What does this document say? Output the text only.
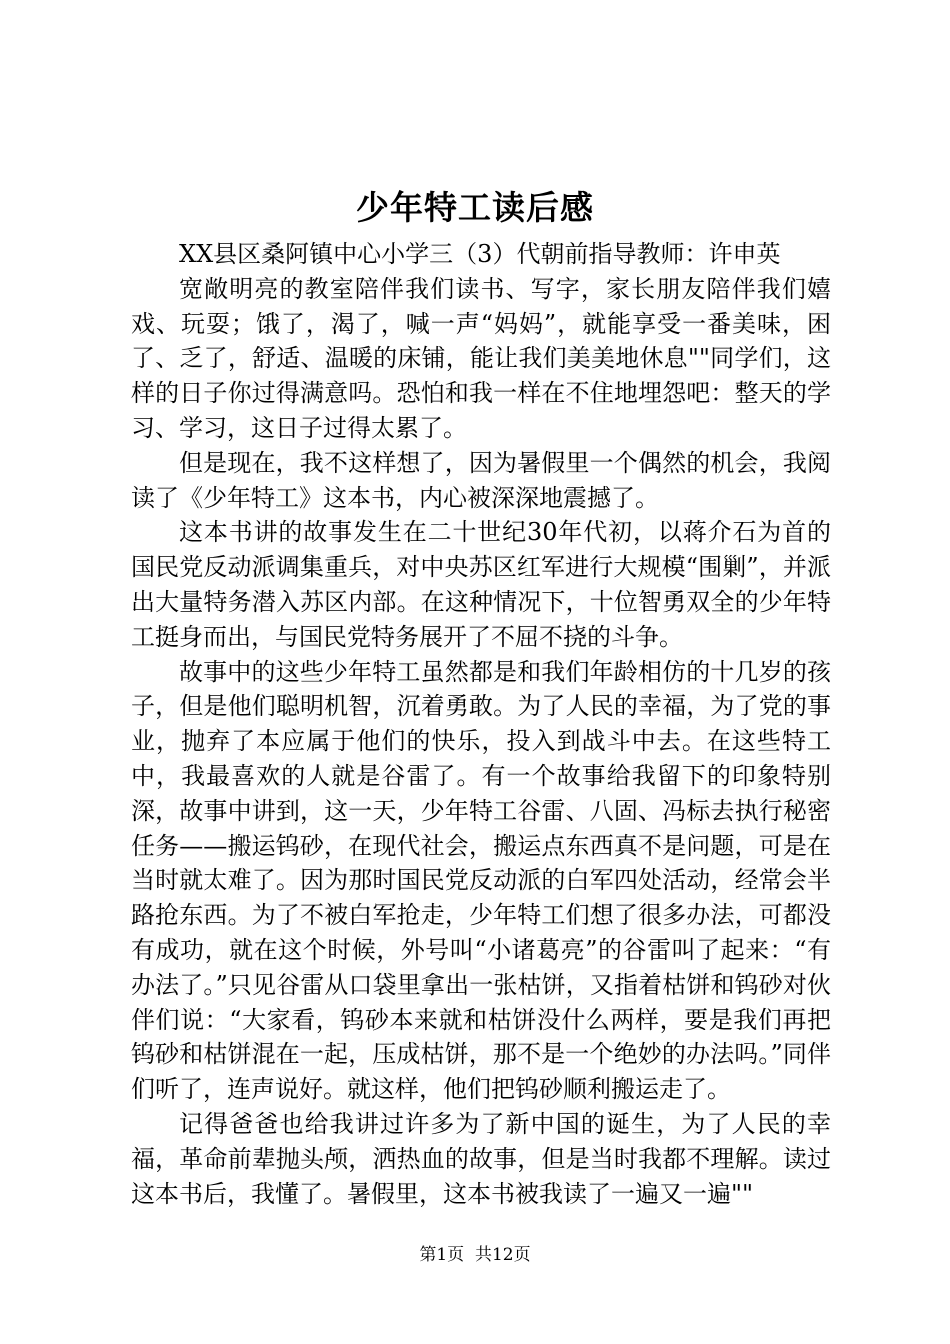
少年特工读后感

XX县区桑阿镇中心小学三（3）代朝前指导教师：许申英

宽敞明亮的教室陪伴我们读书、写字，家长朋友陪伴我们嬉戏、玩耍；饿了，渴了，喊一声“妈妈”，就能享受一番美味，困了、乏了，舒适、温暖的床铺，能让我们美美地休息""同学们，这样的日子你过得满意吗。恐怕和我一样在不住地埋怨吧：整天的学习、学习，这日子过得太累了。

但是现在，我不这样想了，因为暑假里一个偶然的机会，我阅读了《少年特工》这本书，内心被深深地震撼了。

这本书讲的故事发生在二十世纪30年代初，以蒋介石为首的国民党反动派调集重兵，对中央苏区红军进行大规模“围剿”，并派出大量特务潜入苏区内部。在这种情况下，十位智勇双全的少年特工挺身而出，与国民党特务展开了不屈不挠的斗争。

故事中的这些少年特工虽然都是和我们年龄相仿的十几岁的孩子，但是他们聪明机智，沉着勇敢。为了人民的幸福，为了党的事业，抛弃了本应属于他们的快乐，投入到战斗中去。在这些特工中，我最喜欢的人就是谷雷了。有一个故事给我留下的印象特别深，故事中讲到，这一天，少年特工谷雷、八固、冯标去执行秘密任务——搬运钨砂，在现代社会，搬运点东西真不是问题，可是在当时就太难了。因为那时国民党反动派的白军四处活动，经常会半路抢东西。为了不被白军抢走，少年特工们想了很多办法，可都没有成功，就在这个时候，外号叫“小诸葛亮”的谷雷叫了起来：“有办法了。”只见谷雷从口袋里拿出一张枯饼，又指着枯饼和钨砂对伙伴们说：“大家看，钨砂本来就和枯饼没什么两样，要是我们再把钨砂和枯饼混在一起，压成枯饼，那不是一个绝妙的办法吗。”同伴们听了，连声说好。就这样，他们把钨砂顺利搬运走了。

记得爸爸也给我讲过许多为了新中国的诞生，为了人民的幸福，革命前辈抛头颅，洒热血的故事，但是当时我都不理解。读过这本书后，我懂了。暑假里，这本书被我读了一遍又一遍""

第1页  共12页
